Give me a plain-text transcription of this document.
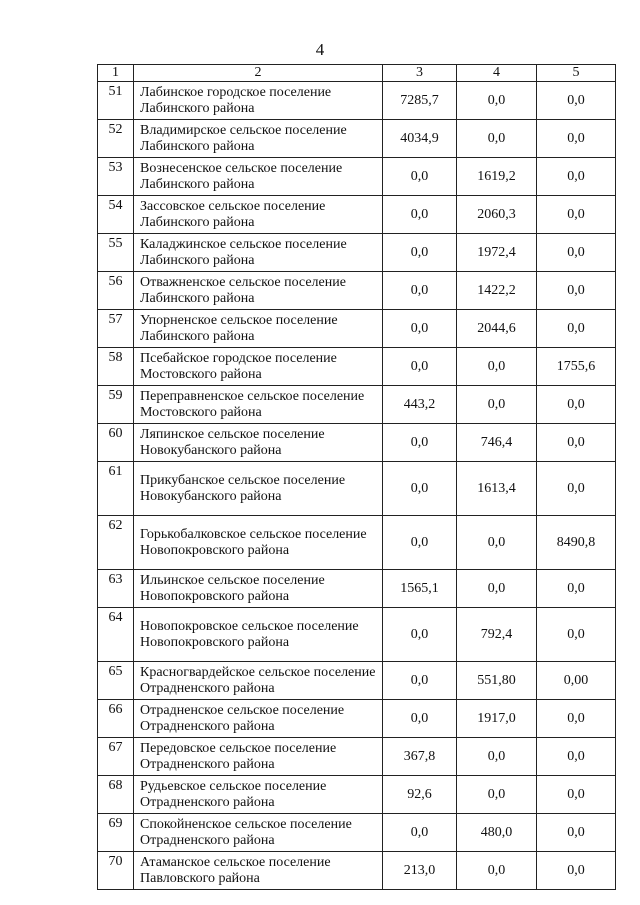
4
1	2	3	4	5
51	Лабинское городское поселение Лабинского района	7285,7	0,0	0,0
52	Владимирское сельское поселение Лабинского района	4034,9	0,0	0,0
53	Вознесенское сельское поселение Лабинского района	0,0	1619,2	0,0
54	Зассовское сельское поселение Лабинского района	0,0	2060,3	0,0
55	Каладжинское сельское поселение Лабинского района	0,0	1972,4	0,0
56	Отважненское сельское поселение Лабинского района	0,0	1422,2	0,0
57	Упорненское сельское поселение Лабинского района	0,0	2044,6	0,0
58	Псебайское городское поселение Мостовского района	0,0	0,0	1755,6
59	Переправненское сельское поселение Мостовского района	443,2	0,0	0,0
60	Ляпинское сельское поселение Новокубанского района	0,0	746,4	0,0
61	Прикубанское сельское поселение Новокубанского района	0,0	1613,4	0,0
62	Горькобалковское сельское поселение Новопокровского района	0,0	0,0	8490,8
63	Ильинское сельское поселение Новопокровского района	1565,1	0,0	0,0
64	Новопокровское сельское поселение Новопокровского района	0,0	792,4	0,0
65	Красногвардейское сельское поселение Отрадненского района	0,0	551,80	0,00
66	Отрадненское сельское поселение Отрадненского района	0,0	1917,0	0,0
67	Передовское сельское поселение Отрадненского района	367,8	0,0	0,0
68	Рудьевское сельское поселение Отрадненского района	92,6	0,0	0,0
69	Спокойненское сельское поселение Отрадненского района	0,0	480,0	0,0
70	Атаманское сельское поселение Павловского района	213,0	0,0	0,0
